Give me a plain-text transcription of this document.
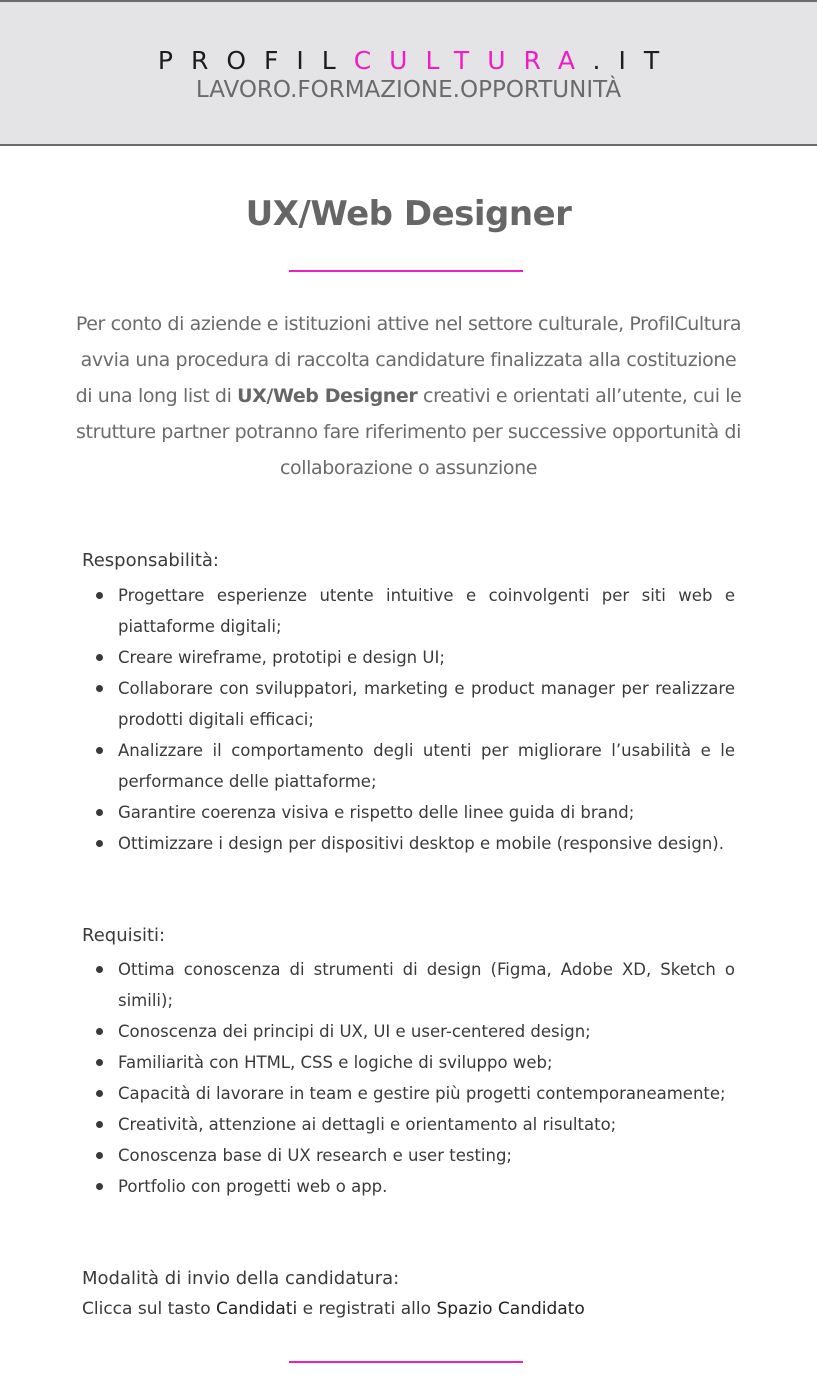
PROFILCULTURA.IT
LAVORO.FORMAZIONE.OPPORTUNITÀ
UX/Web Designer

Per conto di aziende e istituzioni attive nel settore culturale, ProfilCultura avvia una procedura di raccolta candidature finalizzata alla costituzione di una long list di UX/Web Designer creativi e orientati all’utente, cui le strutture partner potranno fare riferimento per successive opportunità di collaborazione o assunzione

Responsabilità:
Progettare esperienze utente intuitive e coinvolgenti per siti web e piattaforme digitali;
Creare wireframe, prototipi e design UI;
Collaborare con sviluppatori, marketing e product manager per realizzare prodotti digitali efficaci;
Analizzare il comportamento degli utenti per migliorare l’usabilità e le performance delle piattaforme;
Garantire coerenza visiva e rispetto delle linee guida di brand;
Ottimizzare i design per dispositivi desktop e mobile (responsive design).
Requisiti:
Ottima conoscenza di strumenti di design (Figma, Adobe XD, Sketch o simili);
Conoscenza dei principi di UX, UI e user-centered design;
Familiarità con HTML, CSS e logiche di sviluppo web;
Capacità di lavorare in team e gestire più progetti contemporaneamente;
Creatività, attenzione ai dettagli e orientamento al risultato;
Conoscenza base di UX research e user testing;
Portfolio con progetti web o app.
Modalità di invio della candidatura:
Clicca sul tasto Candidati e registrati allo Spazio Candidato
